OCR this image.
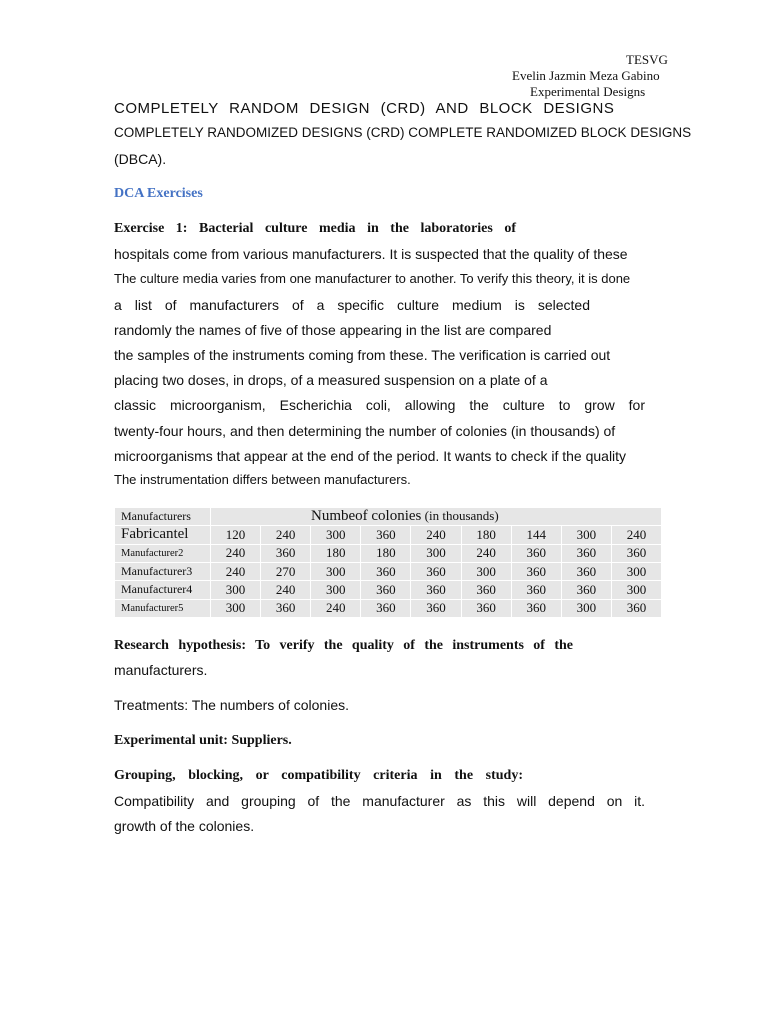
TESVG
Evelin Jazmin Meza Gabino
Experimental Designs
COMPLETELY RANDOM DESIGN (CRD) AND BLOCK DESIGNS
COMPLETELY RANDOMIZED DESIGNS (CRD) COMPLETE RANDOMIZED BLOCK DESIGNS
(DBCA).
DCA Exercises
Exercise 1: Bacterial culture media in the laboratories of
hospitals come from various manufacturers. It is suspected that the quality of these
The culture media varies from one manufacturer to another. To verify this theory, it is done
a list of manufacturers of a specific culture medium is selected
randomly the names of five of those appearing in the list are compared
the samples of the instruments coming from these. The verification is carried out
placing two doses, in drops, of a measured suspension on a plate of a
classic microorganism, Escherichia coli, allowing the culture to grow for
twenty-four hours, and then determining the number of colonies (in thousands) of
microorganisms that appear at the end of the period. It wants to check if the quality
The instrumentation differs between manufacturers.
Manufacturers	Numbeof colonies (in thousands)								
Fabricantel	120	240	300	360	240	180	144	300	240
Manufacturer2	240	360	180	180	300	240	360	360	360
Manufacturer3	240	270	300	360	360	300	360	360	300
Manufacturer4	300	240	300	360	360	360	360	360	300
Manufacturer5	300	360	240	360	360	360	360	300	360
Research hypothesis: To verify the quality of the instruments of the
manufacturers.
Treatments: The numbers of colonies.
Experimental unit: Suppliers.
Grouping, blocking, or compatibility criteria in the study:
Compatibility and grouping of the manufacturer as this will depend on it.
growth of the colonies.
